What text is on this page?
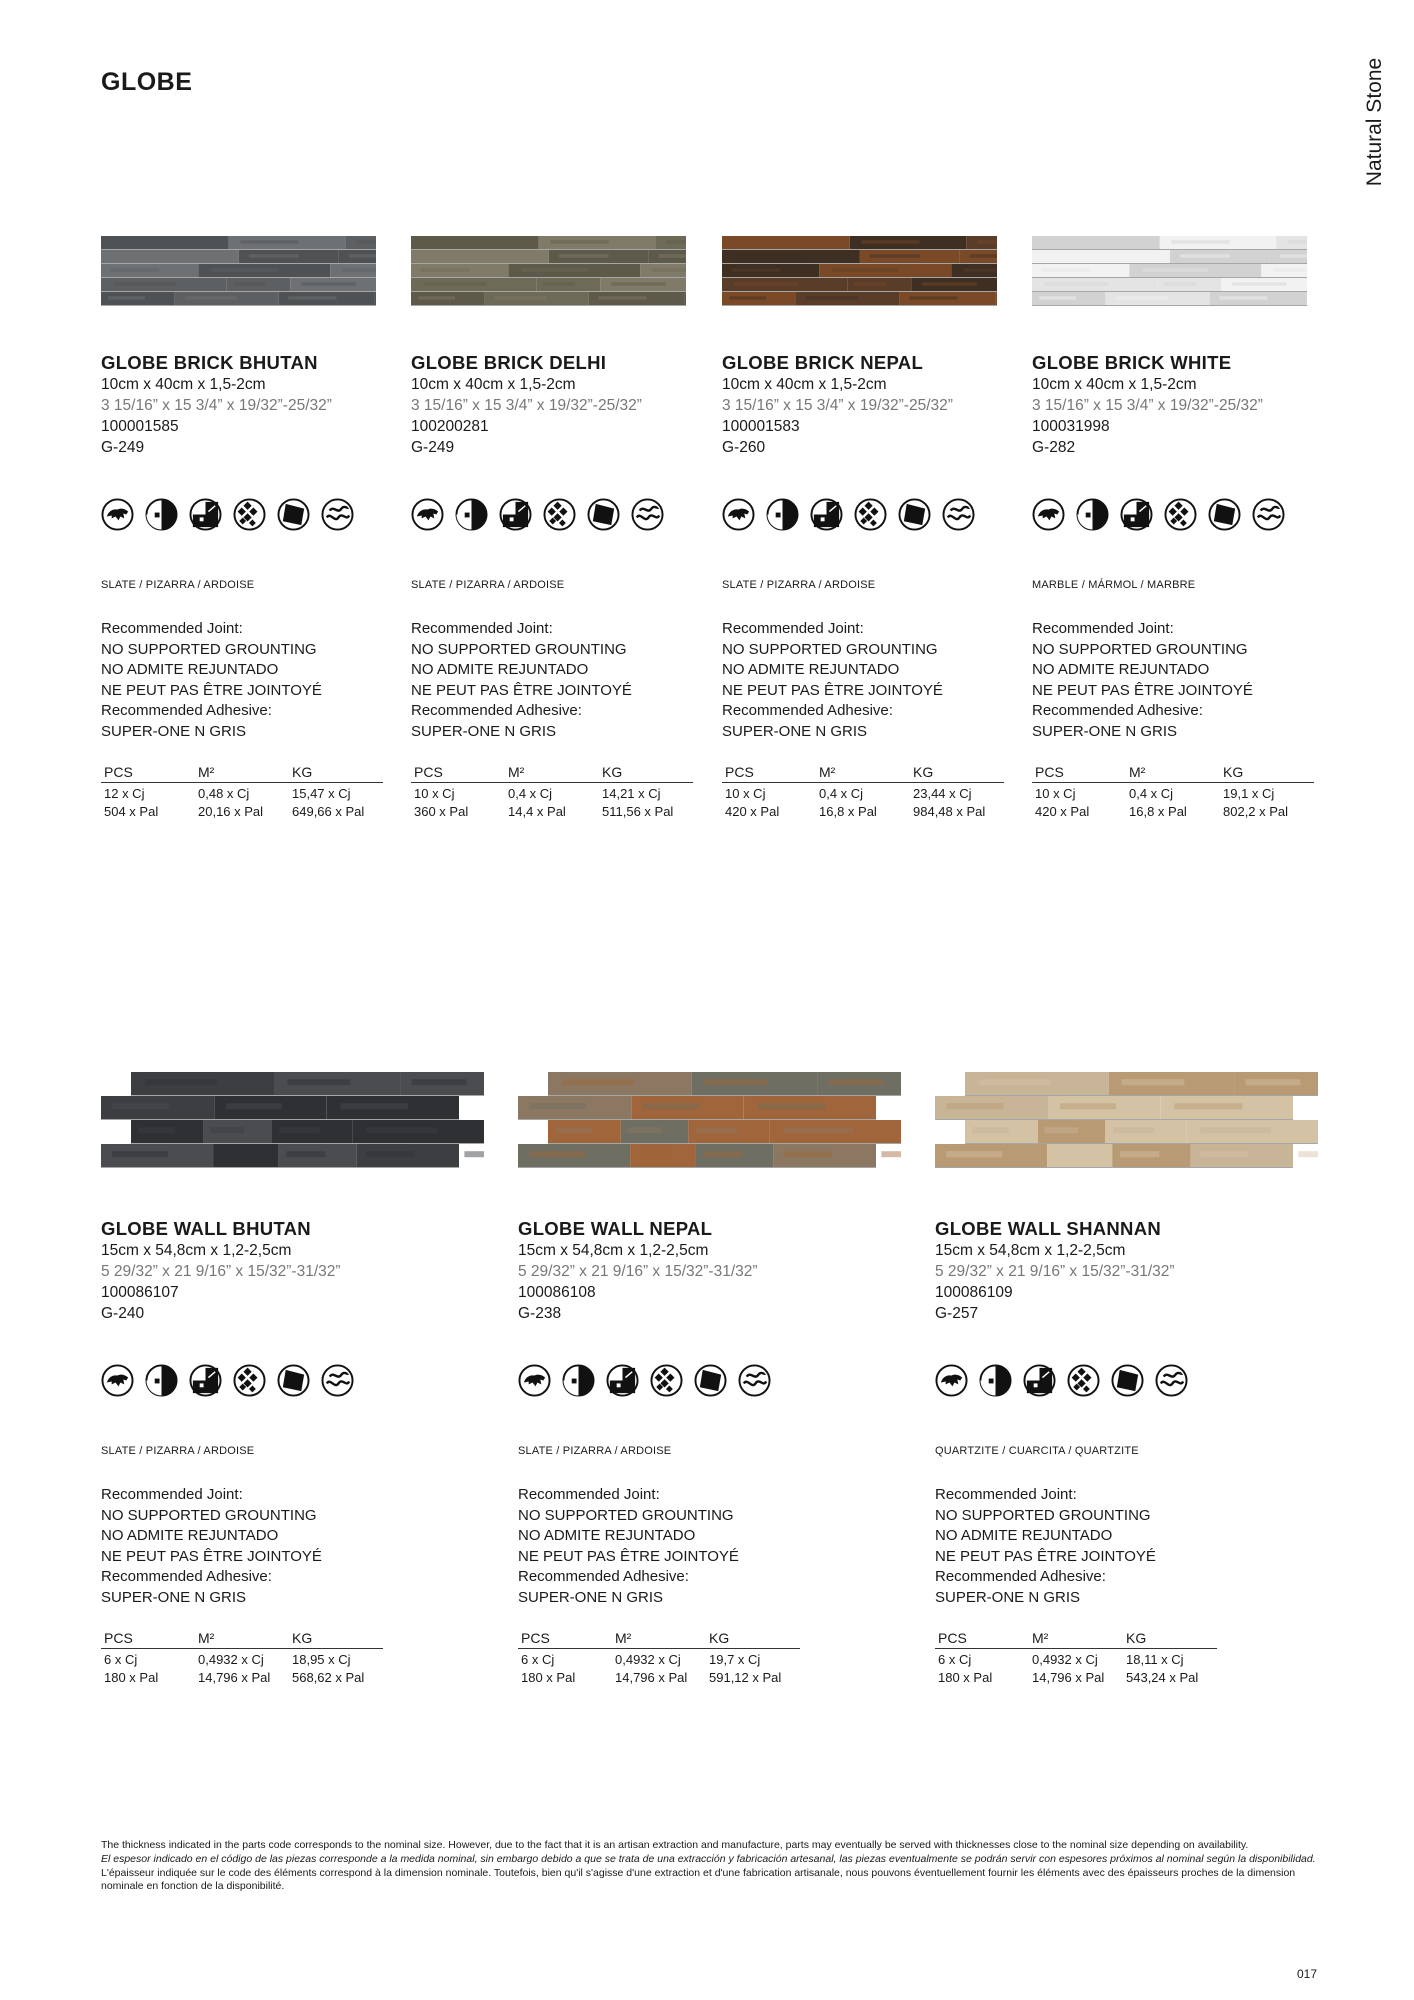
GLOBE	Natural Stone
GLOBE BRICK BHUTAN
10cm x 40cm x 1,5-2cm
3 15/16” x 15 3/4” x 19/32”-25/32”
100001585
G-249
SLATE / PIZARRA / ARDOISE
Recommended Joint:
NO SUPPORTED GROUNTING
NO ADMITE REJUNTADO
NE PEUT PAS ÊTRE JOINTOYÉ
Recommended Adhesive:
SUPER-ONE N GRIS
PCS	M²	KG
12 x Cj	0,48 x Cj	15,47 x Cj
504 x Pal	20,16 x Pal	649,66 x Pal
GLOBE BRICK DELHI
10cm x 40cm x 1,5-2cm
3 15/16” x 15 3/4” x 19/32”-25/32”
100200281
G-249
SLATE / PIZARRA / ARDOISE
Recommended Joint:
NO SUPPORTED GROUNTING
NO ADMITE REJUNTADO
NE PEUT PAS ÊTRE JOINTOYÉ
Recommended Adhesive:
SUPER-ONE N GRIS
PCS	M²	KG
10 x Cj	0,4 x Cj	14,21 x Cj
360 x Pal	14,4 x Pal	511,56 x Pal
GLOBE BRICK NEPAL
10cm x 40cm x 1,5-2cm
3 15/16” x 15 3/4” x 19/32”-25/32”
100001583
G-260
SLATE / PIZARRA / ARDOISE
Recommended Joint:
NO SUPPORTED GROUNTING
NO ADMITE REJUNTADO
NE PEUT PAS ÊTRE JOINTOYÉ
Recommended Adhesive:
SUPER-ONE N GRIS
PCS	M²	KG
10 x Cj	0,4 x Cj	23,44 x Cj
420 x Pal	16,8 x Pal	984,48 x Pal
GLOBE BRICK WHITE
10cm x 40cm x 1,5-2cm
3 15/16” x 15 3/4” x 19/32”-25/32”
100031998
G-282
MARBLE / MÁRMOL / MARBRE
Recommended Joint:
NO SUPPORTED GROUNTING
NO ADMITE REJUNTADO
NE PEUT PAS ÊTRE JOINTOYÉ
Recommended Adhesive:
SUPER-ONE N GRIS
PCS	M²	KG
10 x Cj	0,4 x Cj	19,1 x Cj
420 x Pal	16,8 x Pal	802,2 x Pal
GLOBE WALL BHUTAN
15cm x 54,8cm x 1,2-2,5cm
5 29/32” x 21 9/16” x 15/32”-31/32”
100086107
G-240
SLATE / PIZARRA / ARDOISE
Recommended Joint:
NO SUPPORTED GROUNTING
NO ADMITE REJUNTADO
NE PEUT PAS ÊTRE JOINTOYÉ
Recommended Adhesive:
SUPER-ONE N GRIS
PCS	M²	KG
6 x Cj	0,4932 x Cj	18,95 x Cj
180 x Pal	14,796 x Pal	568,62 x Pal
GLOBE WALL NEPAL
15cm x 54,8cm x 1,2-2,5cm
5 29/32” x 21 9/16” x 15/32”-31/32”
100086108
G-238
SLATE / PIZARRA / ARDOISE
Recommended Joint:
NO SUPPORTED GROUNTING
NO ADMITE REJUNTADO
NE PEUT PAS ÊTRE JOINTOYÉ
Recommended Adhesive:
SUPER-ONE N GRIS
PCS	M²	KG
6 x Cj	0,4932 x Cj	19,7 x Cj
180 x Pal	14,796 x Pal	591,12 x Pal
GLOBE WALL SHANNAN
15cm x 54,8cm x 1,2-2,5cm
5 29/32” x 21 9/16” x 15/32”-31/32”
100086109
G-257
QUARTZITE / CUARCITA / QUARTZITE
Recommended Joint:
NO SUPPORTED GROUNTING
NO ADMITE REJUNTADO
NE PEUT PAS ÊTRE JOINTOYÉ
Recommended Adhesive:
SUPER-ONE N GRIS
PCS	M²	KG
6 x Cj	0,4932 x Cj	18,11 x Cj
180 x Pal	14,796 x Pal	543,24 x Pal

The thickness indicated in the parts code corresponds to the nominal size. However, due to the fact that it is an artisan extraction and manufacture, parts may eventually be served with thicknesses close to the nominal size depending on availability.

El espesor indicado en el código de las piezas corresponde a la medida nominal, sin embargo debido a que se trata de una extracción y fabricación artesanal, las piezas eventualmente se podrán servir con espesores próximos al nominal según la disponibilidad.

L'épaisseur indiquée sur le code des éléments correspond à la dimension nominale. Toutefois, bien qu'il s'agisse d'une extraction et d'une fabrication artisanale, nous pouvons éventuellement fournir les éléments avec des épaisseurs proches de la dimension nominale en fonction de la disponibilité.

017
